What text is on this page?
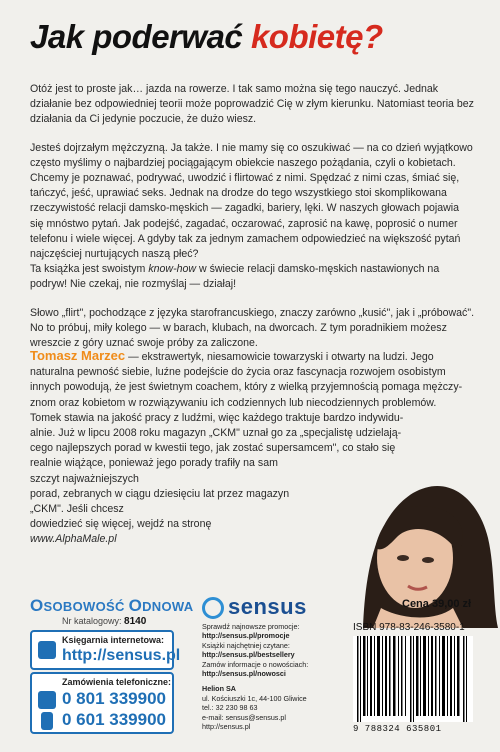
Jak poderwać kobietę?

Otóż jest to proste jak… jazda na rowerze. I tak samo można się tego nauczyć. Jednak działanie bez odpowiedniej teorii może poprowadzić Cię w złym kierunku. Natomiast teoria bez działania da Ci jedynie poczucie, że dużo wiesz.

Jesteś dojrzałym mężczyzną. Ja także. I nie mamy się co oszukiwać — na co dzień wyjątkowo często myślimy o najbardziej pociągającym obiekcie naszego pożądania, czyli o kobietach. Chcemy je poznawać, podrywać, uwodzić i flirtować z nimi. Spędzać z nimi czas, śmiać się, tańczyć, jeść, uprawiać seks. Jednak na drodze do tego wszystkiego stoi skomplikowana rzeczywistość relacji damsko-męskich — zagadki, bariery, lęki. W naszych głowach pojawia się mnóstwo pytań. Jak podejść, zagadać, oczarować, zaprosić na kawę, poprosić o numer telefonu i wiele więcej. A gdyby tak za jednym zamachem odpowiedzieć na większość pytań najczęściej nurtujących naszą płeć?
Ta książka jest swoistym know-how w świecie relacji damsko-męskich nastawionych na podryw! Nie czekaj, nie rozmyślaj — działaj!

Słowo „flirt", pochodzące z języka starofrancuskiego, znaczy zarówno „kusić", jak i „próbować". No to próbuj, miły kolego — w barach, klubach, na dworcach. Z tym poradnikiem możesz wreszcie z góry uznać swoje próby za zaliczone.

Tomasz Marzec — ekstrawertyk, niesamowicie towarzyski i otwarty na ludzi. Jego
naturalna pewność siebie, luźne podejście do życia oraz fascynacja rozwojem osobistym
innych powodują, że jest świetnym coachem, który z wielką przyjemnością pomaga mężczy-
znom oraz kobietom w rozwiązywaniu ich codziennych lub niecodziennych problemów.
Tomek stawia na jakość pracy z ludźmi, więc każdego traktuje bardzo indywidu-
alnie. Już w lipcu 2008 roku magazyn „CKM" uznał go za „specjalistę udzielają-
cego najlepszych porad w kwestii tego, jak zostać supersamcem", co stało się
realnie wiążące, ponieważ jego porady trafiły na sam szczyt najważniejszych
porad, zebranych w ciągu dziesięciu lat przez magazyn „CKM". Jeśli chcesz
dowiedzieć się więcej, wejdź na stronę www.AlphaMale.pl
OSOBOWOŚĆ ODNOWA
Nr katalogowy: 8140
Księgarnia internetowa:
http://sensus.pl
Zamówienia telefoniczne:
0 801 339900
0 601 339900
sensus

Sprawdź najnowsze promocje:

http://sensus.pl/promocje

Książki najchętniej czytane:

http://sensus.pl/bestsellery

Zamów informacje o nowościach:

http://sensus.pl/nowosci

Helion SA

ul. Kościuszki 1c, 44-100 Gliwice

tel.: 32 230 98 63

e-mail: sensus@sensus.pl

http://sensus.pl

Cena 39,00 zł
ISBN 978-83-246-3580-1
9 788324 635801
